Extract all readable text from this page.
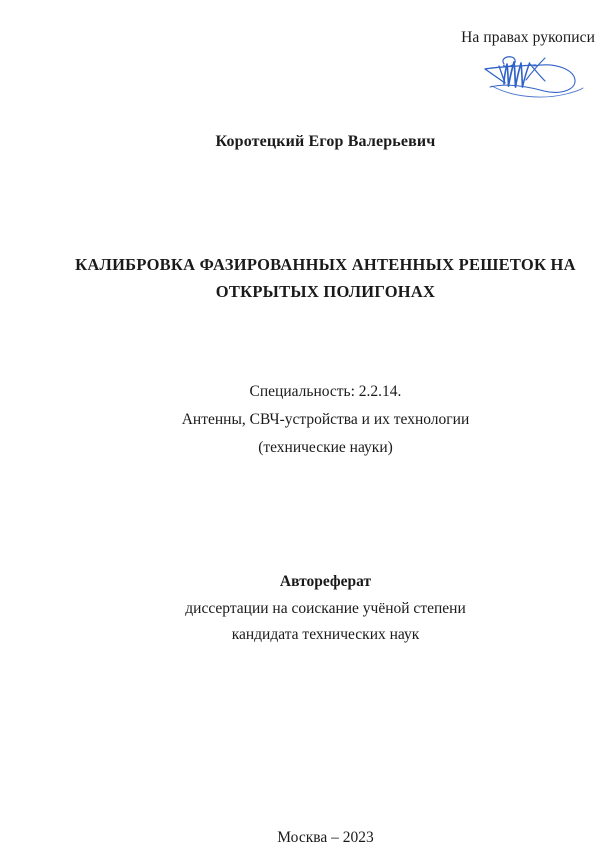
На правах рукописи
Коротецкий Егор Валерьевич
КАЛИБРОВКА ФАЗИРОВАННЫХ АНТЕННЫХ РЕШЕТОК НА
ОТКРЫТЫХ ПОЛИГОНАХ
Специальность: 2.2.14.
Антенны, СВЧ-устройства и их технологии
(технические науки)
Автореферат
диссертации на соискание учёной степени
кандидата технических наук
Москва – 2023
